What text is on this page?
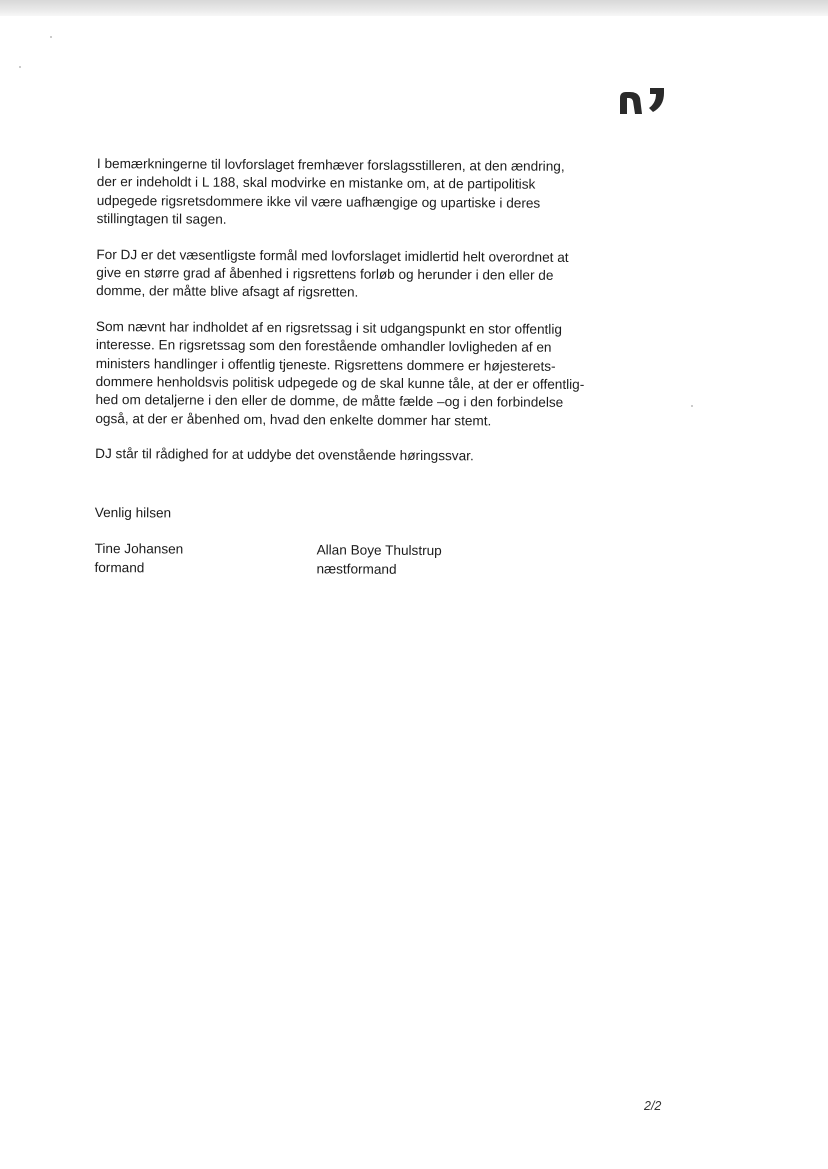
I bemærkningerne til lovforslaget fremhæver forslagsstilleren, at den ændring,
der er indeholdt i L 188, skal modvirke en mistanke om, at de partipolitisk
udpegede rigsretsdommere ikke vil være uafhængige og upartiske i deres
stillingtagen til sagen.

For DJ er det væsentligste formål med lovforslaget imidlertid helt overordnet at
give en større grad af åbenhed i rigsrettens forløb og herunder i den eller de
domme, der måtte blive afsagt af rigsretten.

Som nævnt har indholdet af en rigsretssag i sit udgangspunkt en stor offentlig
interesse. En rigsretssag som den forestående omhandler lovligheden af en
ministers handlinger i offentlig tjeneste. Rigsrettens dommere er højesterets-
dommere henholdsvis politisk udpegede og de skal kunne tåle, at der er offentlig-
hed om detaljerne i den eller de domme, de måtte fælde –og i den forbindelse
også, at der er åbenhed om, hvad den enkelte dommer har stemt.

DJ står til rådighed for at uddybe det ovenstående høringssvar.

Venlig hilsen
Tine Johansen
formand
Allan Boye Thulstrup
næstformand
2/2
